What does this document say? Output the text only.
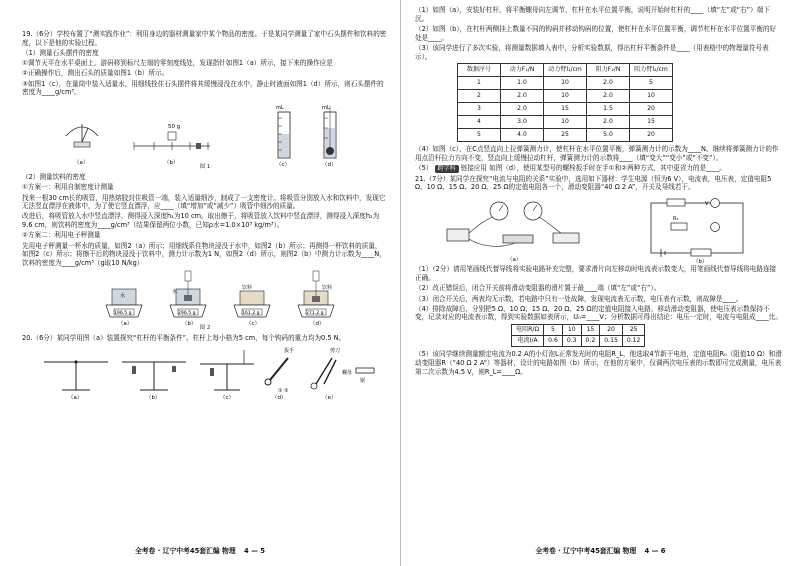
19.（6分）学校布置了“测实践作业”：利用身边的器材测量家中某个物品的密度。于是某同学测量了家中石头摆件和饮料的密度，以下是他的实验过程。

（1）测量石头摆件的密度

①调节天平在水平桌面上，游码移到标尺左端的零刻度线处，发现指针如图1（a）所示，接下来的操作应是

②正确操作后，测出石头的质量如图1（b）所示。

③如图1（c），在量筒中装入适量水，用细线拴住石头摆件将其缓慢浸没在水中，静止时液面如图1（d）所示，则石头摆件的密度为____g/cm³。

50 g
mL	mL
（a）	（b）	（c）	（d）

图 1

（2）测量饮料的密度

①方案一：利用自制密度计测量

找来一根30 cm长的吸管，用热熔胶封住吸管一端，装入适量细沙，制成了一支密度计。将吸管分别放入水和饮料中，发现它无法竖直漂浮在液体中，为了使它竖直漂浮，应____（填“增加”或“减少”）吸管中细沙的质量。

改进后，将吸管放入水中竖直漂浮，测得浸入深度h₁为10 cm。取出擦干，将吸管放入饮料中竖直漂浮，测得浸入深度h₂为9.6 cm，则饮料的密度为____g/cm³（结果保留两位小数，已知ρ水=1.0×10³ kg/m³）。

②方案二：利用电子秤测量

先用电子秤测量一杯水的质量，如图2（a）所示；用细线系住物块浸没于水中，如图2（b）所示；再测得一杯饮料的质量，如图2（c）所示；将擦干后的物块浸没于饮料中，测力计示数为1 N，如图2（d）所示，则图2（b）中测力计示数为____N，饮料的密度为____g/cm³（g取10 N/kg）

水
196.5 g
水
296.5 g
饮料
161.2 g
饮料
271.2 g
（a）	（b）	（c）	（d）

图 2

20.（6分）某同学用图（a）装置探究“杠杆的平衡条件”。杠杆上每小格为5 cm，每个钩码的重力均为0.5 N。

扳手
① ②
剪刀
螺母
锯
（a）	（b）	（c）	（d）	（e）
全考卷 · 辽宁中考45套汇编 物理 4 — 5

（1）如图（a），安装好杠杆，将平衡螺母向左调节，杠杆在水平位置平衡，说明开始时杠杆的____（填“左”或“右”）端下沉。

（2）如图（b），在杠杆两侧挂上数量不同的钩码并移动钩码的位置，使杠杆在水平位置平衡，调节杠杆在水平位置平衡的好处是____。

（3）该同学进行了多次实验，将测量数据填入表中，分析实验数据，得出杠杆平衡条件是____（用表格中的物理量符号表示）。

数据序号	动力F₁/N	动力臂l₁/cm	阻力F₂/N	阻力臂l₂/cm
1	1.0	10	2.0	5
2	2.0	10	2.0	10
3	2.0	15	1.5	20
4	3.0	10	2.0	15
5	4.0	25	5.0	20

（4）如图（c），在C点竖直向上拉弹簧测力计，使杠杆在水平位置平衡，弹簧测力计的示数为____N。继续将弹簧测力计的作用点沿杆拉力方向不变，竖直向上缓慢拉动杠杆，弹簧测力计的示数将____（填“变大”“变小”或“不变”）。

（5） 跨学科 链接应用 如图（d），使用某型号的螺栓扳手时在手①和②两种方式，其中更省力的是____。

21.（7分）某同学在探究“电流与电阻的关系”实验中，选用如下器材：学生电源（恒为6 V），电流表，电压表，定值电阻5 Ω、10 Ω、15 Ω、20 Ω、25 Ω的定值电阻各一个，滑动变阻器“40 Ω 2 A”，开关及导线若干。

（a）
V
R₁
（b）

（1）（2分）请用笔画线代替导线将实验电路补充完整，要求滑片向左移动时电流表示数变大，用笔画线代替导线将电路连接正确。

（2）改正错误后，闭合开关前将滑动变阻器的滑片置于最____端（填“左”或“右”）。

（3）闭合开关后，两表均无示数，若电路中只有一处故障，发现电流表无示数，电压表有示数，则故障是____。

（4）排除故障后，分别把5 Ω、10 Ω、15 Ω、20 Ω、25 Ω的定值电阻接入电路，移动滑动变阻器，使电压表示数保持不变，记录对应的电流表示数，得到实验数据如表所示，U₀=____V；分析数据可得出结论：电压一定时，电流与电阻成____比。

电阻R/Ω	5	10	15	20	25
电流I/A	0.6	0.3	0.2	0.15	0.12

（5）该同学继续测量额定电流为0.2 A的小灯泡L正常发光时的电阻R_L，他选取4节新干电池，定值电阻R₀（阻值10 Ω）和滑动变阻器R（“40 Ω 2 A”）等器材，设计的电路如图（b）所示，在他的方案中，仅调两次电压表的示数即可完成测量，电压表第二次示数为4.5 V，则R_L=____Ω。

全考卷 · 辽宁中考45套汇编 物理 4 — 6
